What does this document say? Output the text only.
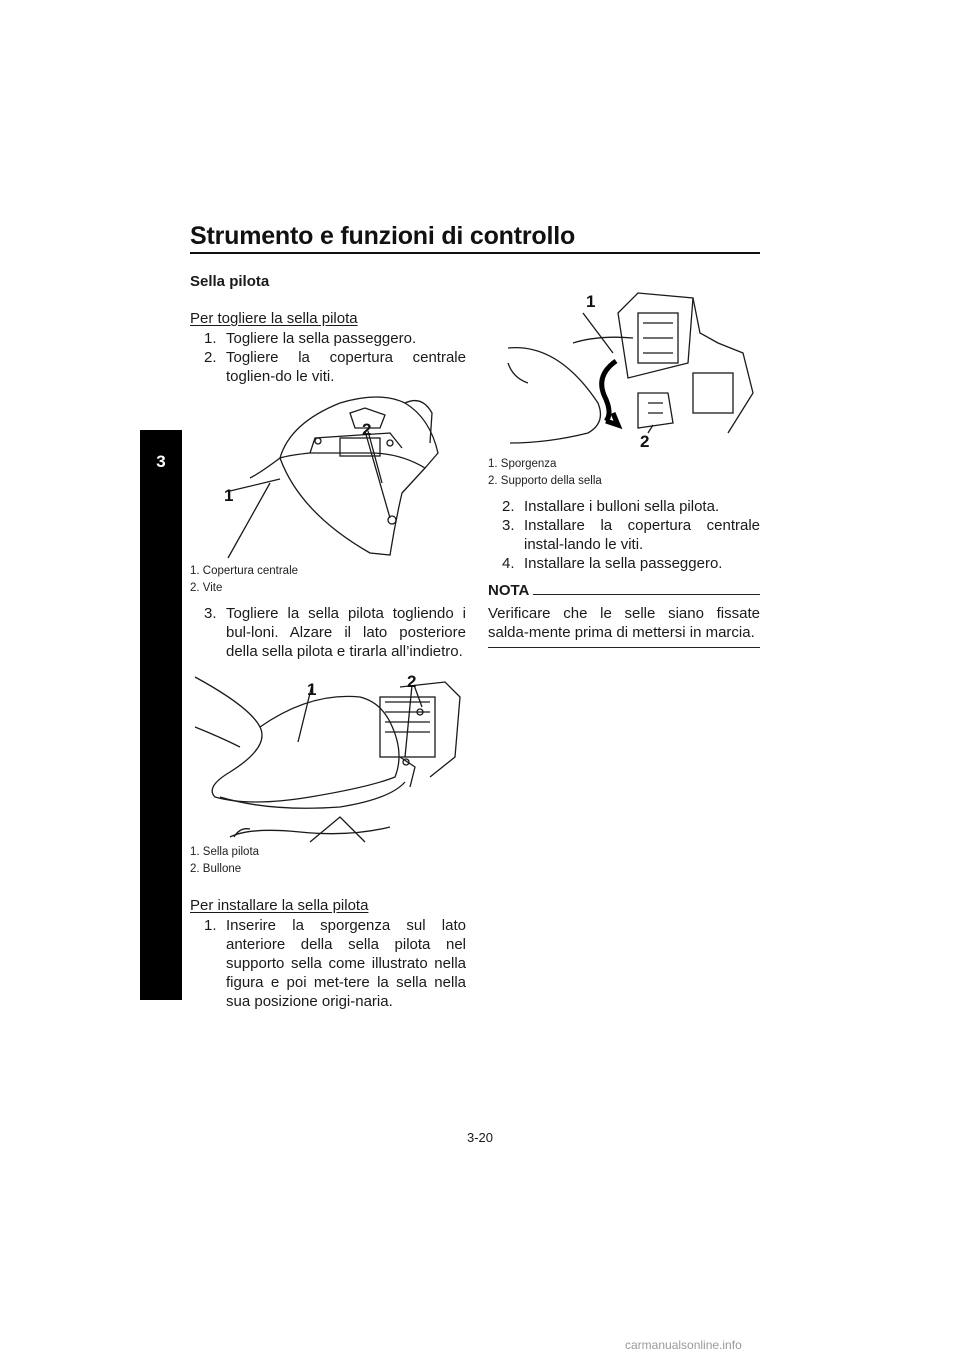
Strumento e funzioni di controllo
3
Sella pilota
Per togliere la sella pilota
1. Togliere la sella passeggero.
2. Togliere la copertura centrale toglien-do le viti.
2
1
1. Copertura centrale
2. Vite
3. Togliere la sella pilota togliendo i bul-loni. Alzare il lato posteriore della sella pilota e tirarla all’indietro.
1	2
1. Sella pilota
2. Bullone
Per installare la sella pilota
1. Inserire la sporgenza sul lato anteriore della sella pilota nel supporto sella come illustrato nella figura e poi met-tere la sella nella sua posizione origi-naria.
1
2
1. Sporgenza
2. Supporto della sella
2. Installare i bulloni sella pilota.
3. Installare la copertura centrale instal-lando le viti.
4. Installare la sella passeggero.
NOTA
Verificare che le selle siano fissate salda-mente prima di mettersi in marcia.
3-20
carmanualsonline.info
